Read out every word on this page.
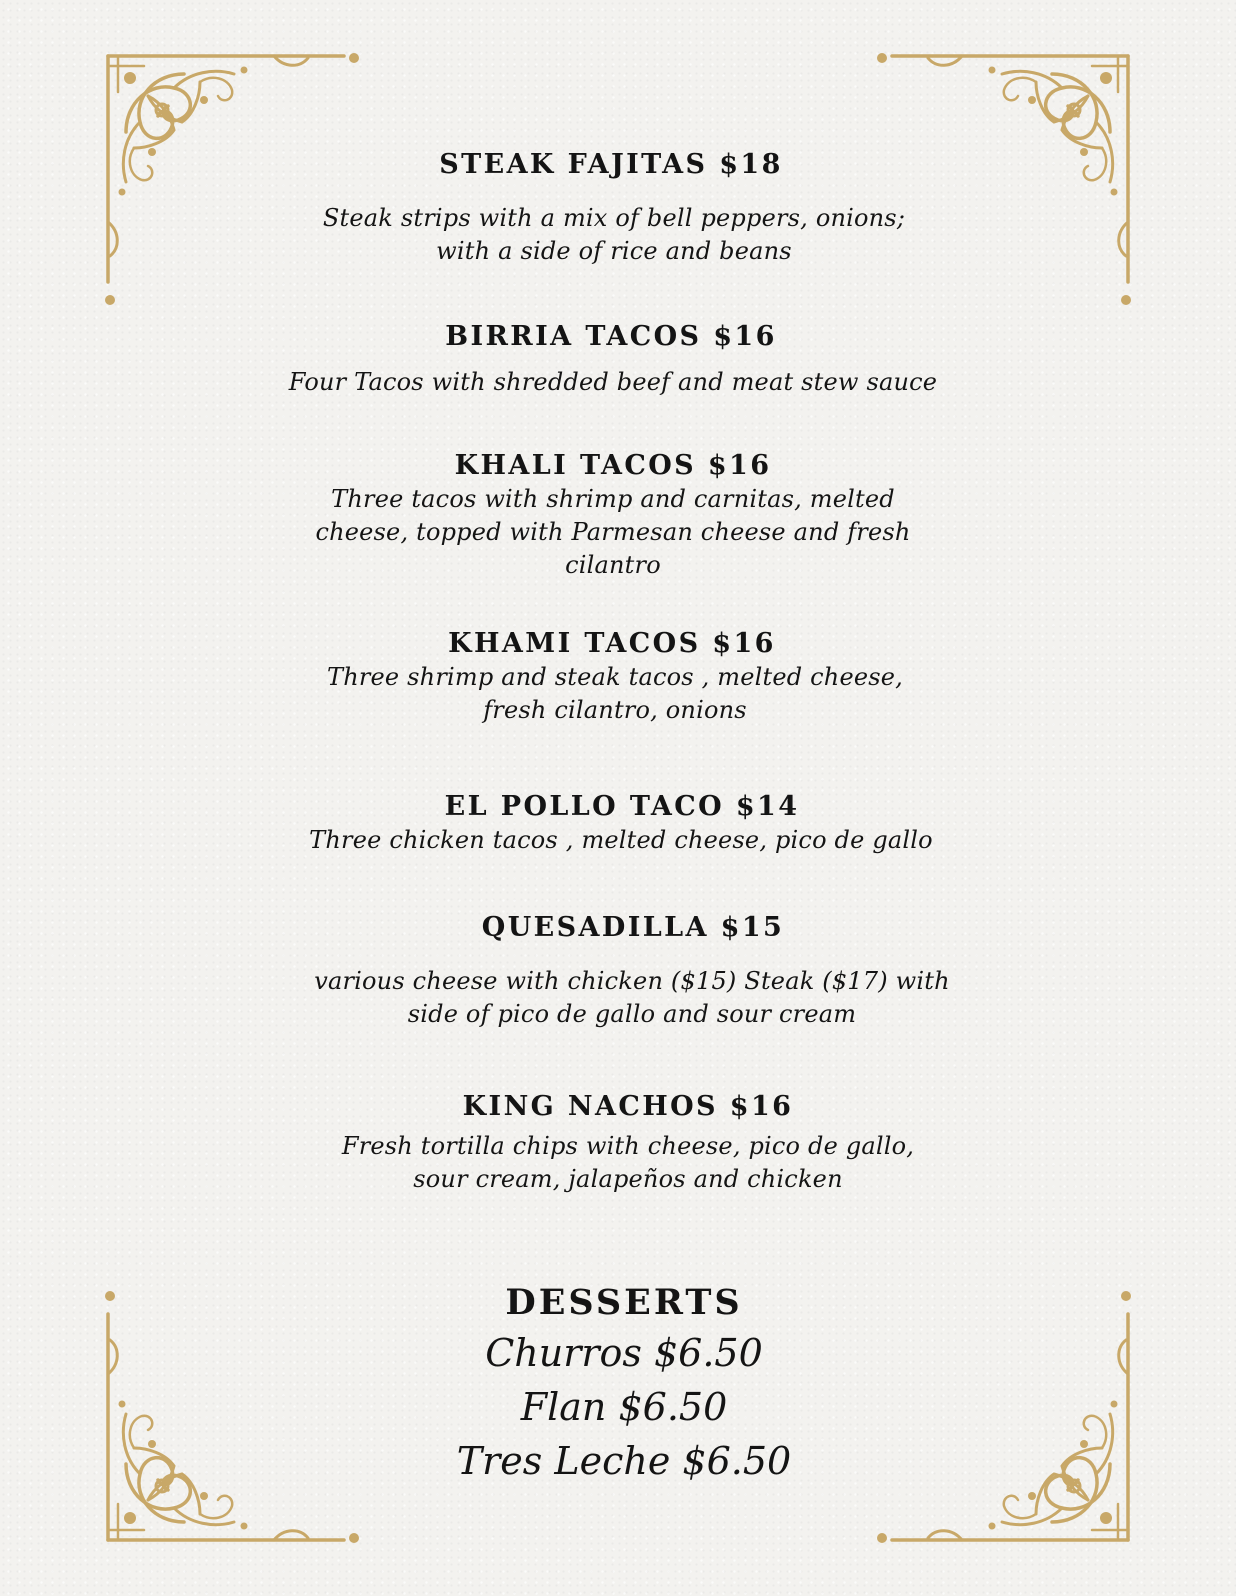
STEAK FAJITAS $18
Steak strips with a mix of bell peppers, onions;
with a side of rice and beans
BIRRIA TACOS $16
Four Tacos with shredded beef and meat stew sauce
KHALI TACOS $16
Three tacos with shrimp and carnitas, melted
cheese, topped with Parmesan cheese and fresh
cilantro
KHAMI TACOS $16
Three shrimp and steak tacos , melted cheese,
fresh cilantro, onions
EL POLLO TACO $14
Three chicken tacos , melted cheese, pico de gallo
QUESADILLA $15
various cheese with chicken ($15) Steak ($17) with
side of pico de gallo and sour cream
KING NACHOS $16
Fresh tortilla chips with cheese, pico de gallo,
sour cream, jalapeños and chicken
DESSERTS
Churros $6.50
Flan $6.50
Tres Leche $6.50
